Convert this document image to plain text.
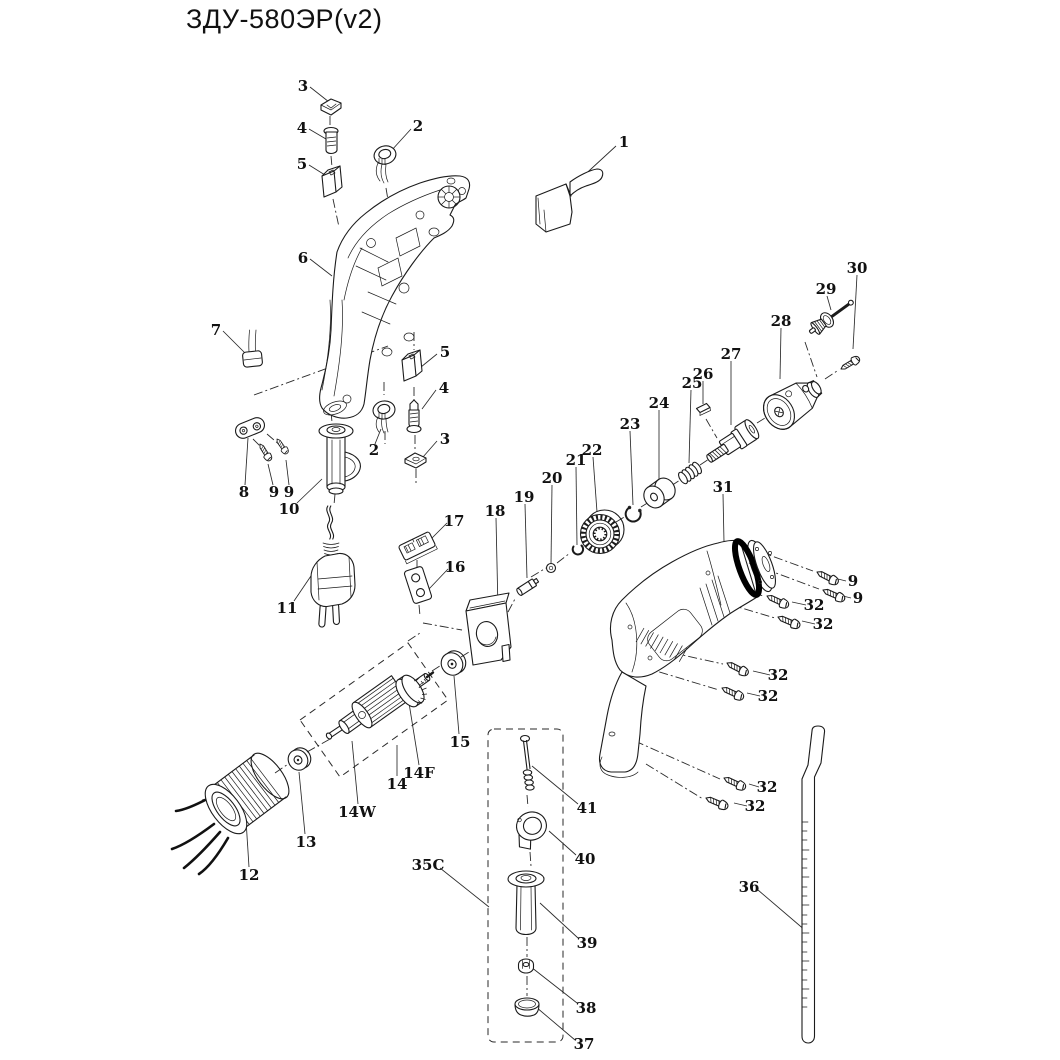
ЗДУ-580ЭР(v2)
3
4
5
2
1
6
7
5
4
3
2
8 9 9
10
11
17
16
18
19
20
21
22
23
24
25
26
27
28
29
30
31
9
9
32
32
32
32
12
13
14W
14
14F
15
35C
32
32
36
41
40
39
38
37
